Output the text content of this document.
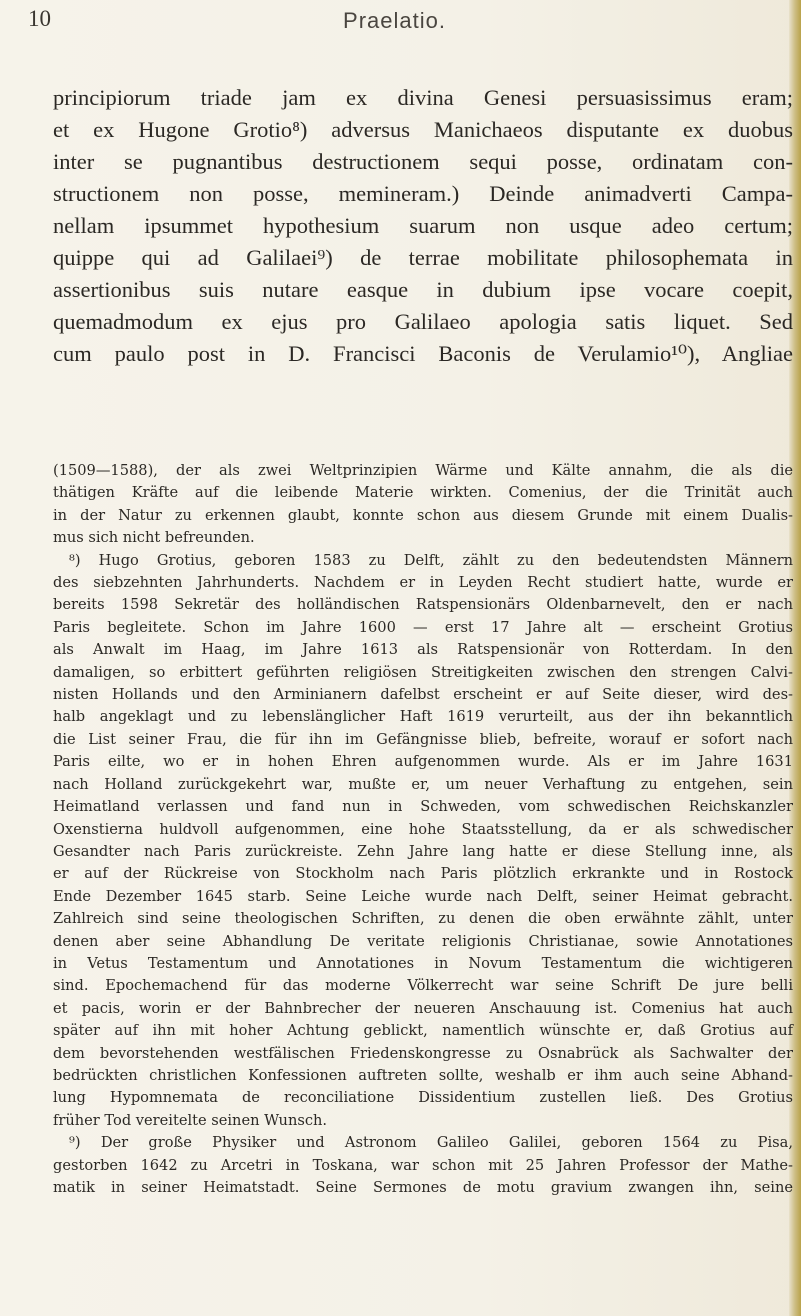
10	Praelatio.
principiorum triade jam ex divina Genesi persuasissimus eram;
et ex Hugone Grotio⁸) adversus Manichaeos disputante ex duobus
inter se pugnantibus destructionem sequi posse, ordinatam con-
structionem non posse, memineram.) Deinde animadverti Campa-
nellam ipsummet hypothesium suarum non usque adeo certum;
quippe qui ad Galilaei⁹) de terrae mobilitate philosophemata in
assertionibus suis nutare easque in dubium ipse vocare coepit,
quemadmodum ex ejus pro Galilaeo apologia satis liquet. Sed
cum paulo post in D. Francisci Baconis de Verulamio¹⁰), Angliae
(1509—1588), der als zwei Weltprinzipien Wärme und Kälte annahm, die als die
thätigen Kräfte auf die leibende Materie wirkten. Comenius, der die Trinität auch
in der Natur zu erkennen glaubt, konnte schon aus diesem Grunde mit einem Dualis-
mus sich nicht befreunden.
⁸) Hugo Grotius, geboren 1583 zu Delft, zählt zu den bedeutendsten Männern
des siebzehnten Jahrhunderts. Nachdem er in Leyden Recht studiert hatte, wurde er
bereits 1598 Sekretär des holländischen Ratspensionärs Oldenbarnevelt, den er nach
Paris begleitete. Schon im Jahre 1600 — erst 17 Jahre alt — erscheint Grotius
als Anwalt im Haag, im Jahre 1613 als Ratspensionär von Rotterdam. In den
damaligen, so erbittert geführten religiösen Streitigkeiten zwischen den strengen Calvi-
nisten Hollands und den Arminianern dafelbst erscheint er auf Seite dieser, wird des-
halb angeklagt und zu lebenslänglicher Haft 1619 verurteilt, aus der ihn bekanntlich
die List seiner Frau, die für ihn im Gefängnisse blieb, befreite, worauf er sofort nach
Paris eilte, wo er in hohen Ehren aufgenommen wurde. Als er im Jahre 1631
nach Holland zurückgekehrt war, mußte er, um neuer Verhaftung zu entgehen, sein
Heimatland verlassen und fand nun in Schweden, vom schwedischen Reichskanzler
Oxenstierna huldvoll aufgenommen, eine hohe Staatsstellung, da er als schwedischer
Gesandter nach Paris zurückreiste. Zehn Jahre lang hatte er diese Stellung inne, als
er auf der Rückreise von Stockholm nach Paris plötzlich erkrankte und in Rostock
Ende Dezember 1645 starb. Seine Leiche wurde nach Delft, seiner Heimat gebracht.
Zahlreich sind seine theologischen Schriften, zu denen die oben erwähnte zählt, unter
denen aber seine Abhandlung De veritate religionis Christianae, sowie Annotationes
in Vetus Testamentum und Annotationes in Novum Testamentum die wichtigeren
sind. Epochemachend für das moderne Völkerrecht war seine Schrift De jure belli
et pacis, worin er der Bahnbrecher der neueren Anschauung ist. Comenius hat auch
später auf ihn mit hoher Achtung geblickt, namentlich wünschte er, daß Grotius auf
dem bevorstehenden westfälischen Friedenskongresse zu Osnabrück als Sachwalter der
bedrückten christlichen Konfessionen auftreten sollte, weshalb er ihm auch seine Abhand-
lung Hypomnemata de reconciliatione Dissidentium zustellen ließ. Des Grotius
früher Tod vereitelte seinen Wunsch.
⁹) Der große Physiker und Astronom Galileo Galilei, geboren 1564 zu Pisa,
gestorben 1642 zu Arcetri in Toskana, war schon mit 25 Jahren Professor der Mathe-
matik in seiner Heimatstadt. Seine Sermones de motu gravium zwangen ihn, seine
